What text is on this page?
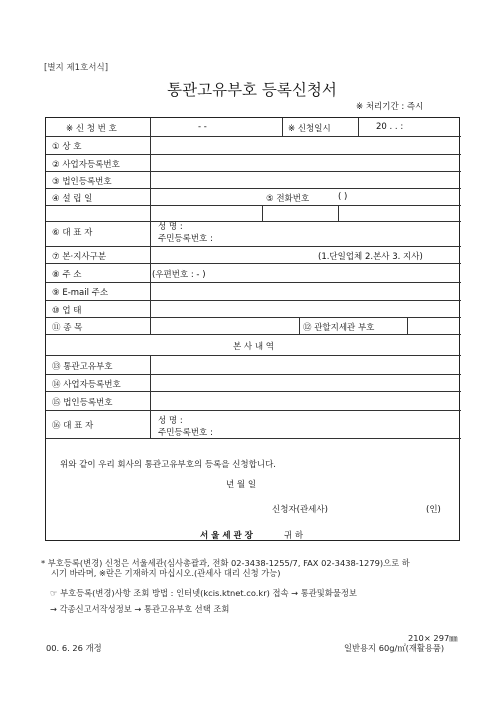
[별지 제1호서식]
통관고유부호 등록신청서
※ 처리기간 : 즉시
※ 신 청 번 호	- -	※ 신청일시	20 . . :
① 상 호
② 사업자등록번호
③ 법인등록번호
④ 설 립 일	⑤ 전화번호	( )
⑥ 대 표 자
성 명 :
주민등록번호 :
⑦ 본·지사구분	(1.단일업체 2.본사 3. 지사)
⑧ 주 소	(우편번호 : - )
⑨ E-mail 주소
⑩ 업 태
⑪ 종 목	⑫ 관할지세관 부호
본 사 내 역
⑬ 통관고유부호
⑭ 사업자등록번호
⑮ 법인등록번호
⑯ 대 표 자	성 명 :
주민등록번호 :
위와 같이 우리 회사의 통관고유부호의 등록을 신청합니다.
년 월 일
신청자(관세사)	(인)
서 울 세 관 장	귀 하
* 부호등록(변경) 신청은 서울세관(심사총괄과, 전화 02-3438-1255/7, FAX 02-3438-1279)으로 하
시기 바라며, ※란은 기재하지 마십시오.(관세사 대리 신청 가능)
☞ 부호등록(변경)사항 조회 방법 : 인터넷(kcis.ktnet.co.kr) 접속 → 통관및화물정보
→ 각종신고서작성정보 → 통관고유부호 선택 조회
210× 297㎜
00. 6. 26 개정	일반용지 60g/㎡(재활용품)
